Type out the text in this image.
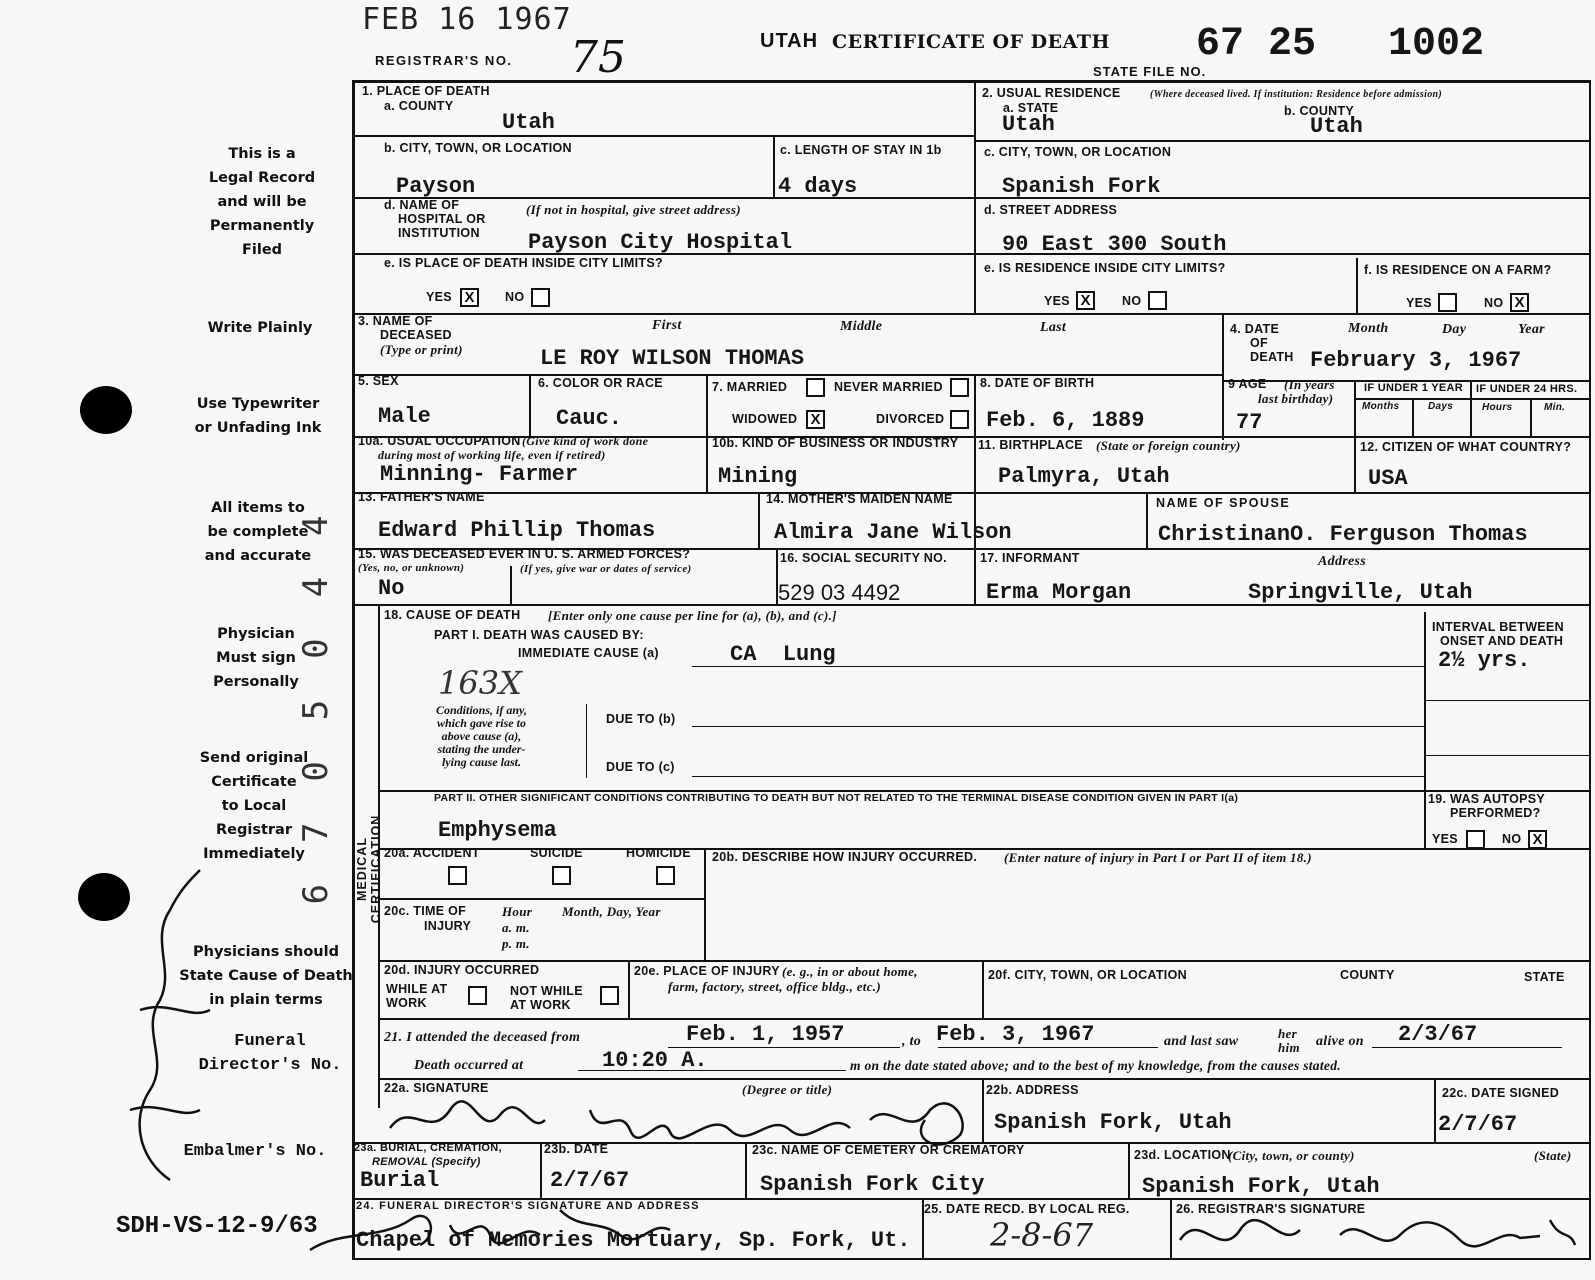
FEB 16 1967
REGISTRAR'S NO. 75	UTAH CERTIFICATE OF DEATH
STATE FILE NO.
67 25   1002
This is a
Legal Record
and will be
Permanently
Filed
Write Plainly
Use Typewriter
or Unfading Ink
All items to
be complete
and accurate
Physician
Must sign
Personally
Send original
Certificate
to Local
Registrar
Immediately
Physicians should
State Cause of Death
in plain terms
Funeral
Director's No.
Embalmer's No.
6  7  0  5  0  4  4
SDH-VS-12-9/63
MEDICAL CERTIFICATION
1. PLACE OF DEATH
a. COUNTY
Utah
b. CITY, TOWN, OR LOCATION
Payson
c. LENGTH OF STAY IN 1b
4 days
d. NAME OF
HOSPITAL OR
INSTITUTION
(If not in hospital, give street address)
Payson City Hospital
e. IS PLACE OF DEATH INSIDE CITY LIMITS?
YES X	NO
2. USUAL RESIDENCE	(Where deceased lived. If institution: Residence before admission)
a. STATE
Utah
b. COUNTY
Utah
c. CITY, TOWN, OR LOCATION
Spanish Fork
d. STREET ADDRESS
90 East 300 South
e. IS RESIDENCE INSIDE CITY LIMITS?
YES X	NO
f. IS RESIDENCE ON A FARM?
YES	NO X
3. NAME OF
DECEASED
(Type or print)
First	Middle	Last
LE ROY WILSON THOMAS
4. DATE
OF
DEATH
Month	Day	Year
February 3, 1967
5. SEX
Male
6. COLOR OR RACE
Cauc.
7. MARRIED	NEVER MARRIED
WIDOWED X	DIVORCED
8. DATE OF BIRTH
Feb. 6, 1889
9 AGE (In years
last birthday)
77
IF UNDER 1 YEAR IF UNDER 24 HRS.
Months	Days	Hours	Min.
10a. USUAL OCCUPATION (Give kind of work done
during most of working life, even if retired)
Minning- Farmer
10b. KIND OF BUSINESS OR INDUSTRY
Mining
11. BIRTHPLACE (State or foreign country)
Palmyra, Utah
12. CITIZEN OF WHAT COUNTRY?
USA
13. FATHER'S NAME
Edward Phillip Thomas
14. MOTHER'S MAIDEN NAME
Almira Jane Wilson
NAME OF SPOUSE
ChristinanO. Ferguson Thomas
15. WAS DECEASED EVER IN U. S. ARMED FORCES?
(Yes, no, or unknown)	(If yes, give war or dates of service)
No
16. SOCIAL SECURITY NO.
529 03 4492
17. INFORMANT	Address
Erma Morgan	Springville, Utah
18. CAUSE OF DEATH [Enter only one cause per line for (a), (b), and (c).]
PART I. DEATH WAS CAUSED BY:
IMMEDIATE CAUSE (a)	CA  Lung
163X
Conditions, if any,
which gave rise to
above cause (a),
stating the under-
lying cause last.
DUE TO (b)
DUE TO (c)
INTERVAL BETWEEN
ONSET AND DEATH
2½ yrs.
PART II. OTHER SIGNIFICANT CONDITIONS CONTRIBUTING TO DEATH BUT NOT RELATED TO THE TERMINAL DISEASE CONDITION GIVEN IN PART I(a)
Emphysema
19. WAS AUTOPSY
PERFORMED?
YES	NO X
20a. ACCIDENT	SUICIDE	HOMICIDE 20b. DESCRIBE HOW INJURY OCCURRED. (Enter nature of injury in Part I or Part II of item 18.)
20c. TIME OF
INJURY
Hour
a. m.
p. m.
Month, Day, Year
20d. INJURY OCCURRED
WHILE AT
WORK
NOT WHILE
AT WORK
20e. PLACE OF INJURY (e. g., in or about home,
farm, factory, street, office bldg., etc.)
20f. CITY, TOWN, OR LOCATION	COUNTY	STATE
21. I attended the deceased from	Feb. 1, 1957	, to Feb. 3, 1967	and last saw
her
him alive on 2/3/67
Death occurred at	10:20 A.	m on the date stated above; and to the best of my knowledge, from the causes stated.
22a. SIGNATURE	(Degree or title)	22b. ADDRESS
Spanish Fork, Utah
22c. DATE SIGNED
2/7/67
23a. BURIAL, CREMATION,
REMOVAL (Specify)
Burial
23b. DATE
2/7/67
23c. NAME OF CEMETERY OR CREMATORY
Spanish Fork City
23d. LOCATION
(City, town, or county)	(State)
Spanish Fork, Utah
24. FUNERAL DIRECTOR'S SIGNATURE AND ADDRESS
Chapel of Memories Mortuary, Sp. Fork, Ut.
25. DATE RECD. BY LOCAL REG.
2-8-67
26. REGISTRAR'S SIGNATURE
